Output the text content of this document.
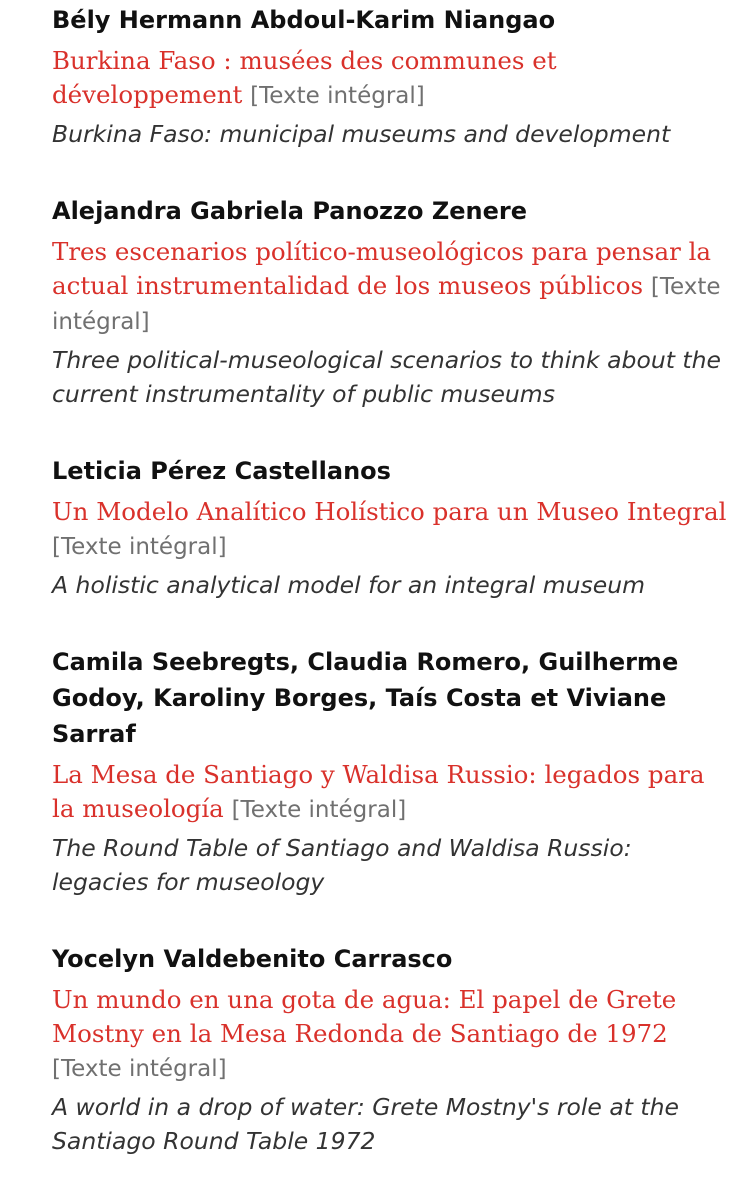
Bély Hermann Abdoul-Karim Niangao

Burkina Faso : musées des communes et développement [Texte intégral]

Burkina Faso: municipal museums and development

Alejandra Gabriela Panozzo Zenere

Tres escenarios político-museológicos para pensar la actual instrumentalidad de los museos públicos [Texte intégral]

Three political-museological scenarios to think about the current instrumentality of public museums

Leticia Pérez Castellanos

Un Modelo Analítico Holístico para un Museo Integral [Texte intégral]

A holistic analytical model for an integral museum

Camila Seebregts, Claudia Romero, Guilherme Godoy, Karoliny Borges, Taís Costa et Viviane Sarraf

La Mesa de Santiago y Waldisa Russio: legados para la museología [Texte intégral]

The Round Table of Santiago and Waldisa Russio: legacies for museology

Yocelyn Valdebenito Carrasco

Un mundo en una gota de agua: El papel de Grete Mostny en la Mesa Redonda de Santiago de 1972 [Texte intégral]

A world in a drop of water: Grete Mostny's role at the Santiago Round Table 1972
